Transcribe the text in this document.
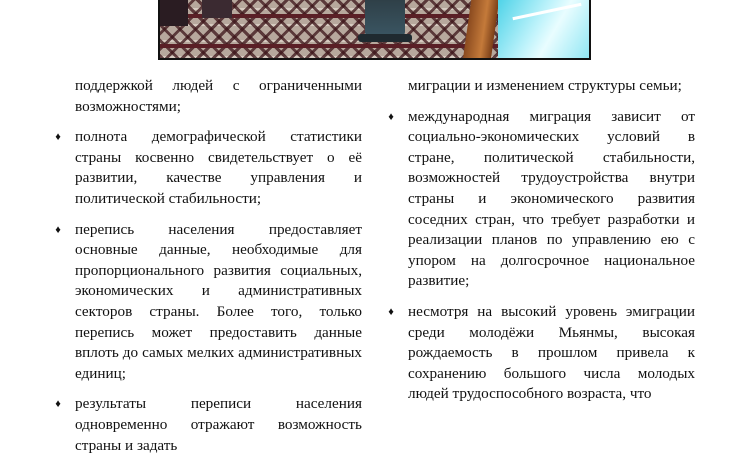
поддержкой людей с ограниченными возможностями;
♦ полнота демографической статистики страны косвенно свидетельствует о её развитии, качестве управления и политической стабильности;
♦ перепись населения предоставляет основные данные, необходимые для пропорционального развития социальных, экономических и административных секторов страны. Более того, только перепись может предоставить данные вплоть до самых мелких административных единиц;
♦ результаты переписи населения одновременно отражают возможность страны и задать
миграции и изменением структуры семьи;
♦ международная миграция зависит от социально-экономических условий в стране, политической стабильности, возможностей трудоустройства внутри страны и экономического развития соседних стран, что требует разработки и реализации планов по управлению ею с упором на долгосрочное национальное развитие;
♦ несмотря на высокий уровень эмиграции среди молодёжи Мьянмы, высокая рождаемость в прошлом привела к сохранению большого числа молодых людей трудоспособного возраста, что
